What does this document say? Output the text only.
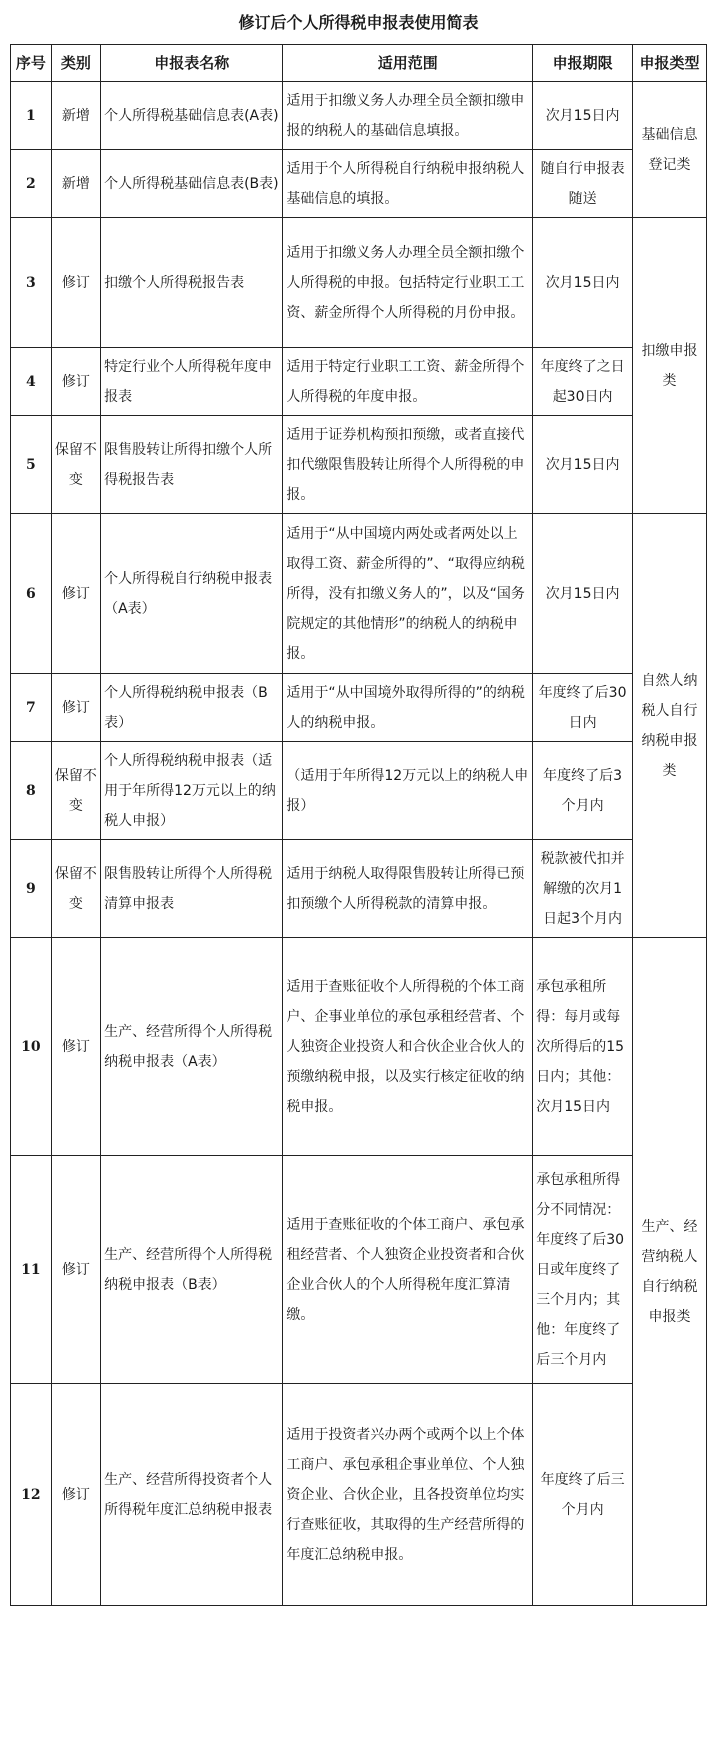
修订后个人所得税申报表使用简表
序号	类别	申报表名称	适用范围	申报期限	申报类型
1	新增	个人所得税基础信息表(A表)	适用于扣缴义务人办理全员全额扣缴申报的纳税人的基础信息填报。	次月15日内	基础信息登记类
2	新增	个人所得税基础信息表(B表)	适用于个人所得税自行纳税申报纳税人基础信息的填报。	随自行申报表随送	
3	修订	扣缴个人所得税报告表	适用于扣缴义务人办理全员全额扣缴个人所得税的申报。包括特定行业职工工资、薪金所得个人所得税的月份申报。	次月15日内	扣缴申报类
4	修订	特定行业个人所得税年度申报表	适用于特定行业职工工资、薪金所得个人所得税的年度申报。	年度终了之日起30日内	
5	保留不变	限售股转让所得扣缴个人所得税报告表	适用于证券机构预扣预缴，或者直接代扣代缴限售股转让所得个人所得税的申报。	次月15日内	
6	修订	个人所得税自行纳税申报表（A表）	适用于“从中国境内两处或者两处以上取得工资、薪金所得的”、“取得应纳税所得，没有扣缴义务人的”，以及“国务院规定的其他情形”的纳税人的纳税申报。	次月15日内	自然人纳税人自行纳税申报类
7	修订	个人所得税纳税申报表（B表）	适用于“从中国境外取得所得的”的纳税人的纳税申报。	年度终了后30日内	
8	保留不变	个人所得税纳税申报表（适用于年所得12万元以上的纳税人申报）	（适用于年所得12万元以上的纳税人申报）	年度终了后3个月内	
9	保留不变	限售股转让所得个人所得税清算申报表	适用于纳税人取得限售股转让所得已预扣预缴个人所得税款的清算申报。	税款被代扣并解缴的次月1日起3个月内	
10	修订	生产、经营所得个人所得税纳税申报表（A表）	适用于查账征收个人所得税的个体工商户、企事业单位的承包承租经营者、个人独资企业投资人和合伙企业合伙人的预缴纳税申报，以及实行核定征收的纳税申报。	承包承租所得：每月或每次所得后的15日内；其他：次月15日内	生产、经营纳税人自行纳税申报类
11	修订	生产、经营所得个人所得税纳税申报表（B表）	适用于查账征收的个体工商户、承包承租经营者、个人独资企业投资者和合伙企业合伙人的个人所得税年度汇算清缴。	承包承租所得分不同情况：年度终了后30日或年度终了三个月内；其他：年度终了后三个月内	
12	修订	生产、经营所得投资者个人所得税年度汇总纳税申报表	适用于投资者兴办两个或两个以上个体工商户、承包承租企事业单位、个人独资企业、合伙企业，且各投资单位均实行查账征收，其取得的生产经营所得的年度汇总纳税申报。	年度终了后三个月内	
